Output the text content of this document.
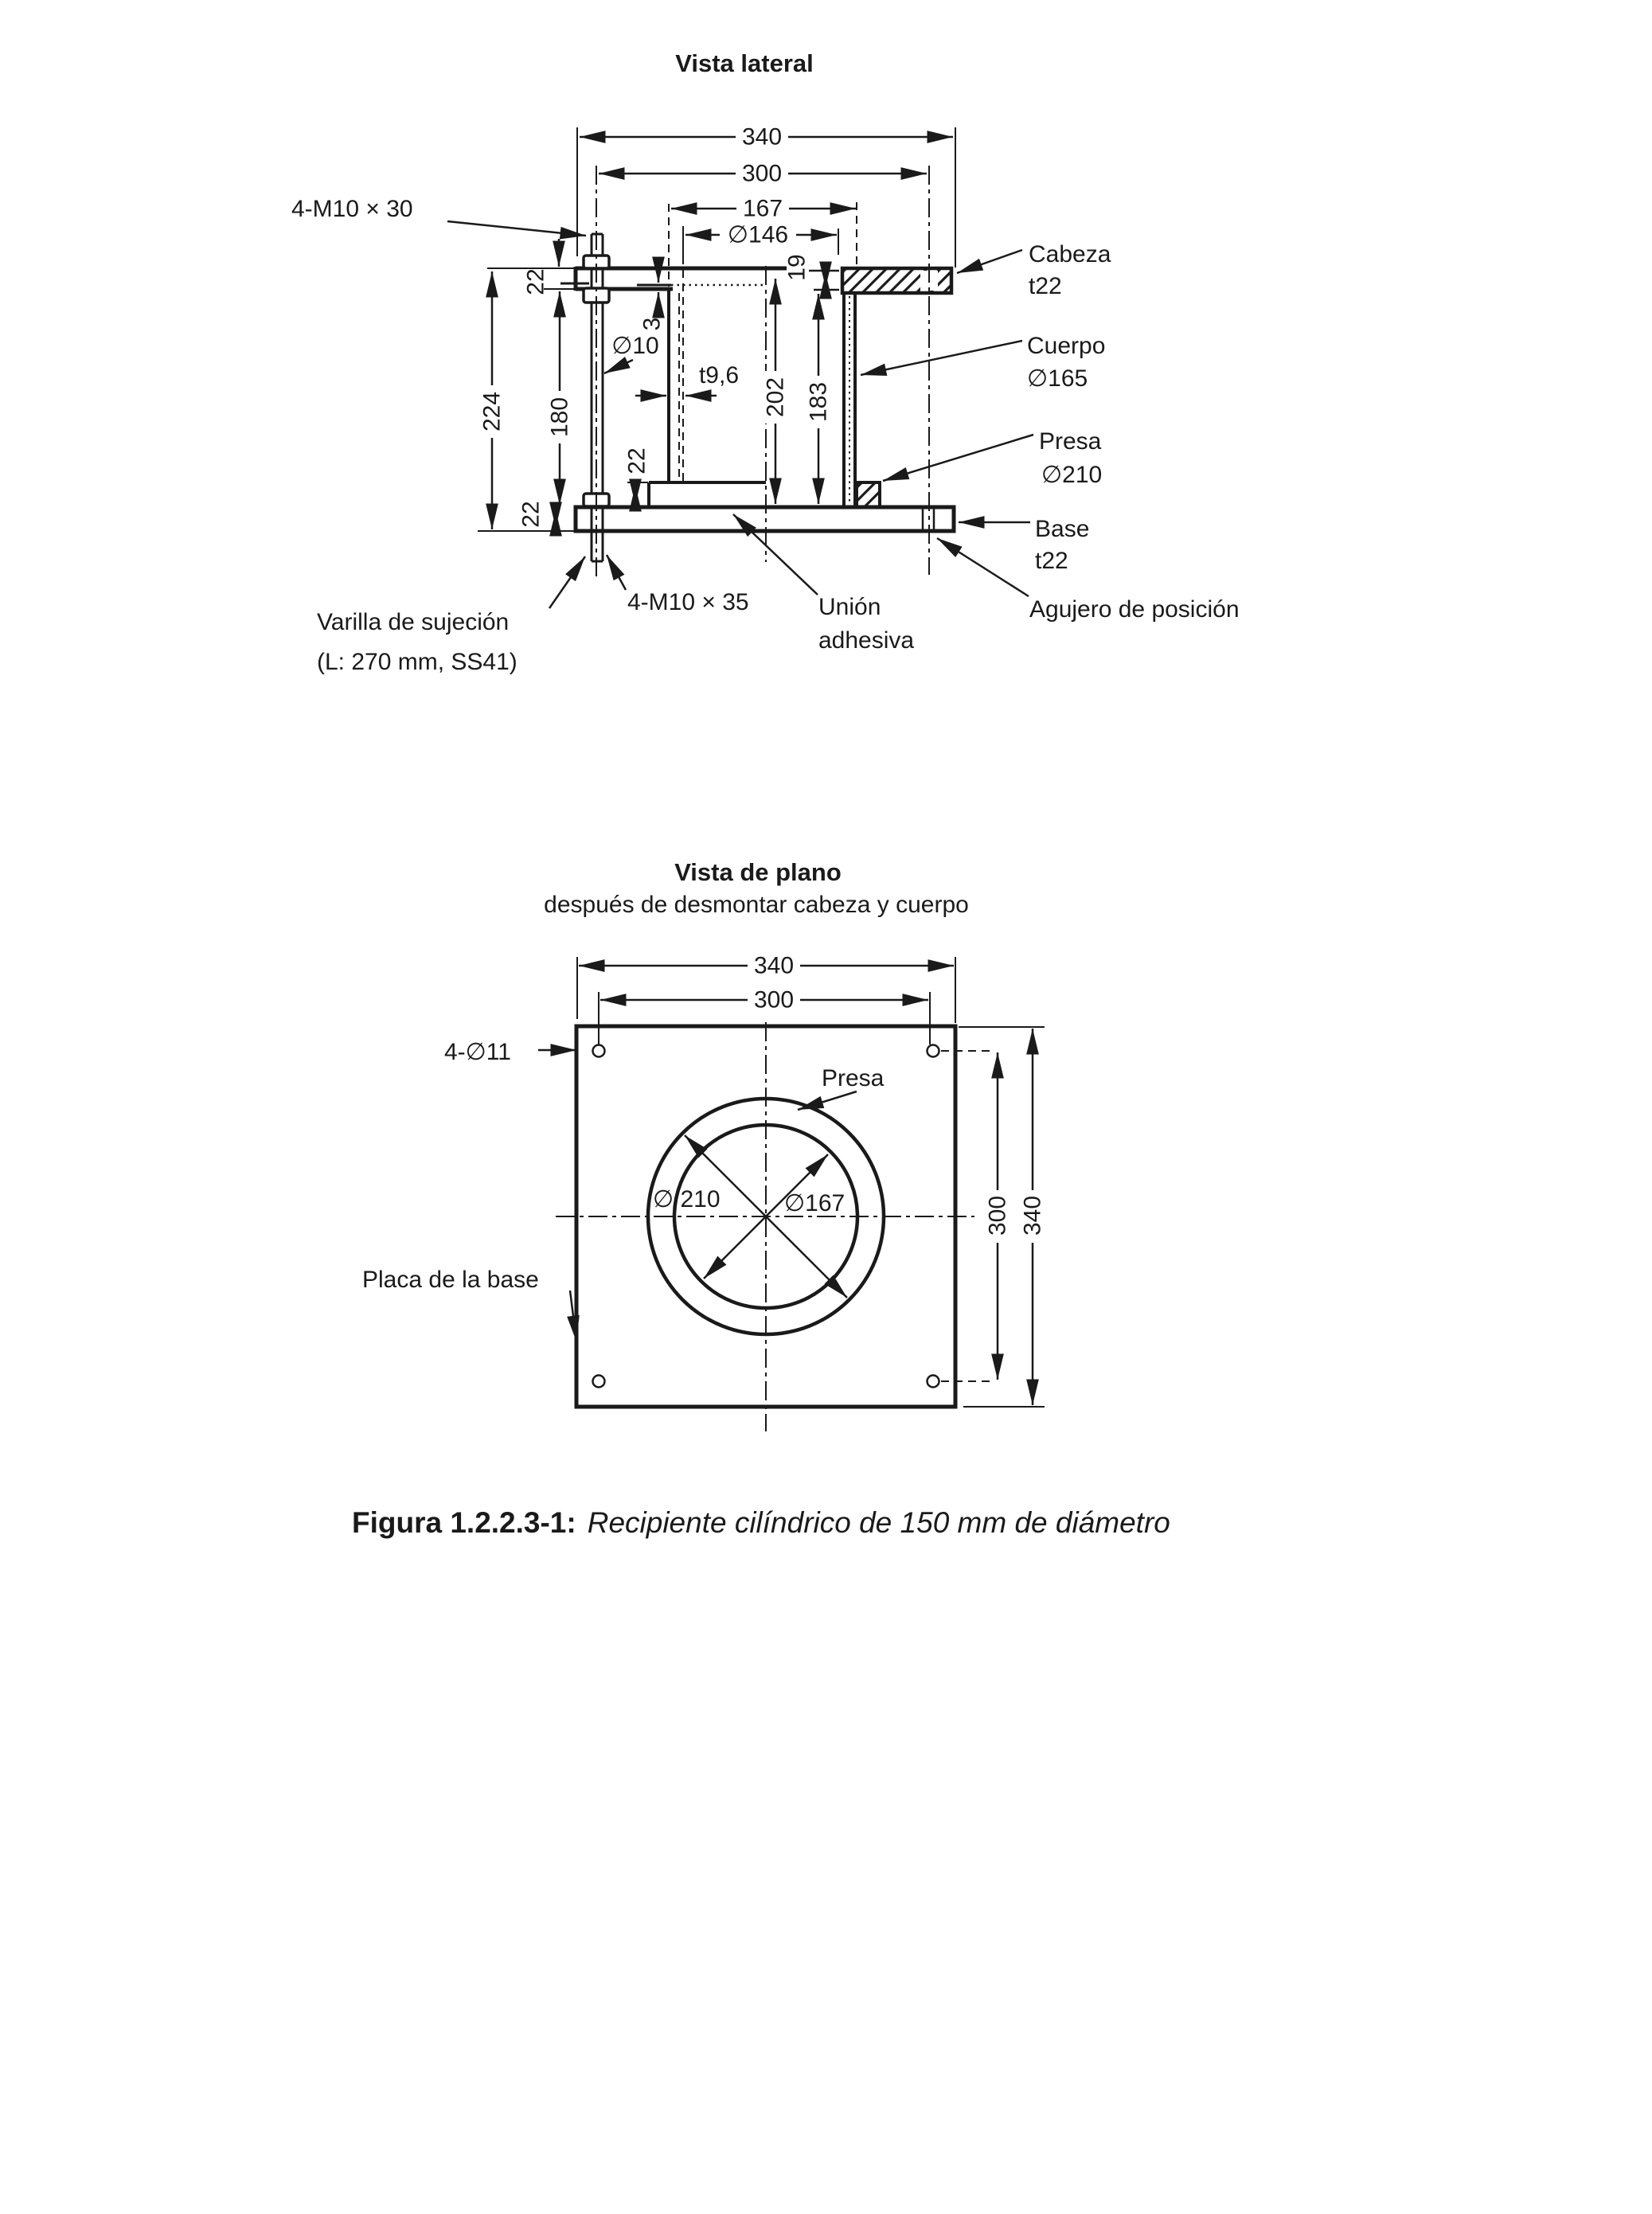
Vista lateral
340
300
167
∅146
19
22
224 180
∅10
3
t9,6
202 183
22
22
4-M10 × 30
Cabeza
t22
Cuerpo
∅165
Presa
∅210
Base
t22
Agujero de posición
Unión
adhesiva
4-M10 × 35
Varilla de sujeción
(L: 270 mm, SS41)
Vista de plano
después de desmontar cabeza y cuerpo
340
300
300 340
∅ 210	∅167
4-∅11
Presa
Placa de la base
Figura 1.2.2.3-1: Recipiente cilíndrico de 150 mm de diámetro
